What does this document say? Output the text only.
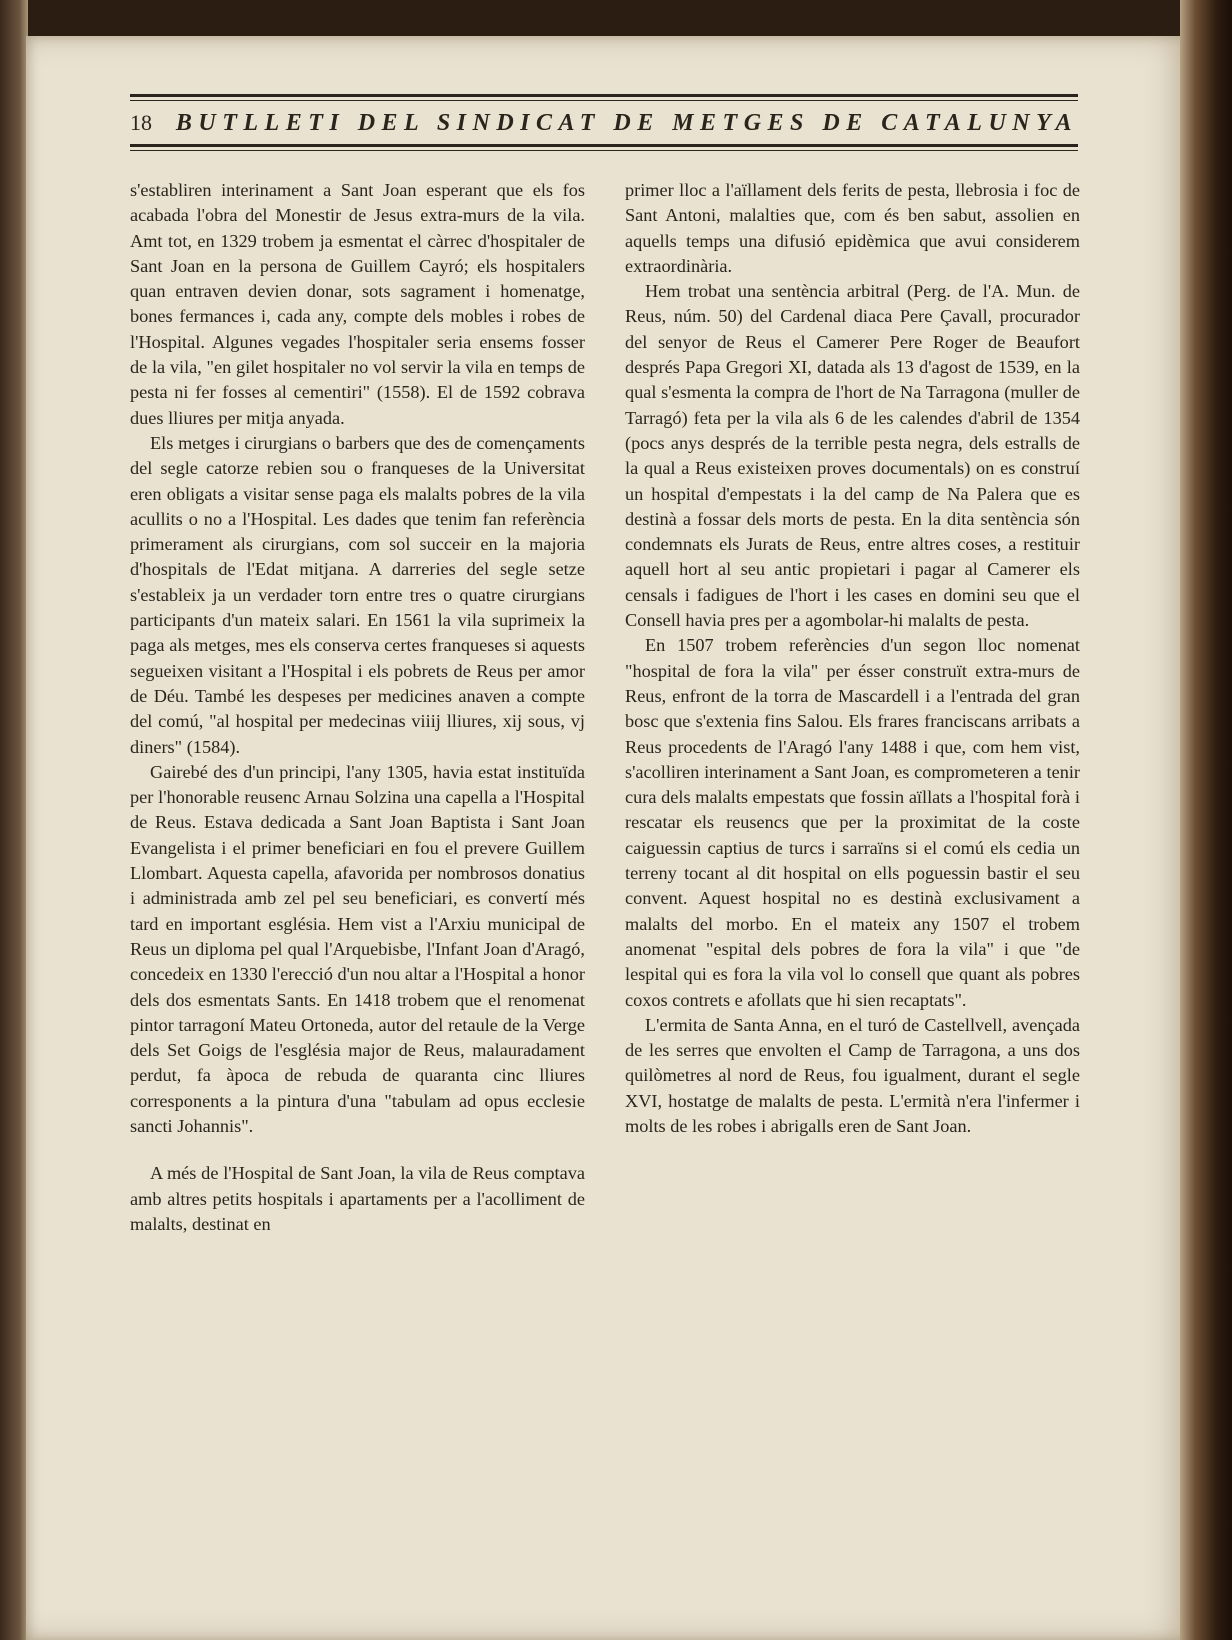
18 BUTLLETI DEL SINDICAT DE METGES DE CATALUNYA

s'establiren interinament a Sant Joan esperant que els fos acabada l'obra del Monestir de Jesus extra-murs de la vila. Amt tot, en 1329 trobem ja esmentat el càrrec d'hospitaler de Sant Joan en la persona de Guillem Cayró; els hospitalers quan entraven devien donar, sots sagrament i homenatge, bones fermances i, cada any, compte dels mobles i robes de l'Hospital. Algunes vegades l'hospitaler seria ensems fosser de la vila, "en gilet hospitaler no vol servir la vila en temps de pesta ni fer fosses al cementiri" (1558). El de 1592 cobrava dues lliures per mitja anyada.

Els metges i cirurgians o barbers que des de començaments del segle catorze rebien sou o franqueses de la Universitat eren obligats a visitar sense paga els malalts pobres de la vila acullits o no a l'Hospital. Les dades que tenim fan referència primerament als cirurgians, com sol succeir en la majoria d'hospitals de l'Edat mitjana. A darreries del segle setze s'estableix ja un verdader torn entre tres o quatre cirurgians participants d'un mateix salari. En 1561 la vila suprimeix la paga als metges, mes els conserva certes franqueses si aquests segueixen visitant a l'Hospital i els pobrets de Reus per amor de Déu. També les despeses per medicines anaven a compte del comú, "al hospital per medecinas viiij lliures, xij sous, vj diners" (1584).

Gairebé des d'un principi, l'any 1305, havia estat instituïda per l'honorable reusenc Arnau Solzina una capella a l'Hospital de Reus. Estava dedicada a Sant Joan Baptista i Sant Joan Evangelista i el primer beneficiari en fou el prevere Guillem Llombart. Aquesta capella, afavorida per nombrosos donatius i administrada amb zel pel seu beneficiari, es convertí més tard en important església. Hem vist a l'Arxiu municipal de Reus un diploma pel qual l'Arquebisbe, l'Infant Joan d'Aragó, concedeix en 1330 l'erecció d'un nou altar a l'Hospital a honor dels dos esmentats Sants. En 1418 trobem que el renomenat pintor tarragoní Mateu Ortoneda, autor del retaule de la Verge dels Set Goigs de l'església major de Reus, malauradament perdut, fa àpoca de rebuda de quaranta cinc lliures corresponents a la pintura d'una "tabulam ad opus ecclesie sancti Johannis".

A més de l'Hospital de Sant Joan, la vila de Reus comptava amb altres petits hospitals i apartaments per a l'acolliment de malalts, destinat en

primer lloc a l'aïllament dels ferits de pesta, llebrosia i foc de Sant Antoni, malalties que, com és ben sabut, assolien en aquells temps una difusió epidèmica que avui considerem extraordinària.

Hem trobat una sentència arbitral (Perg. de l'A. Mun. de Reus, núm. 50) del Cardenal diaca Pere Çavall, procurador del senyor de Reus el Camerer Pere Roger de Beaufort després Papa Gregori XI, datada als 13 d'agost de 1539, en la qual s'esmenta la compra de l'hort de Na Tarragona (muller de Tarragó) feta per la vila als 6 de les calendes d'abril de 1354 (pocs anys després de la terrible pesta negra, dels estralls de la qual a Reus existeixen proves documentals) on es construí un hospital d'empestats i la del camp de Na Palera que es destinà a fossar dels morts de pesta. En la dita sentència són condemnats els Jurats de Reus, entre altres coses, a restituir aquell hort al seu antic propietari i pagar al Camerer els censals i fadigues de l'hort i les cases en domini seu que el Consell havia pres per a agombolar-hi malalts de pesta.

En 1507 trobem referències d'un segon lloc nomenat "hospital de fora la vila" per ésser construït extra-murs de Reus, enfront de la torra de Mascardell i a l'entrada del gran bosc que s'extenia fins Salou. Els frares franciscans arribats a Reus procedents de l'Aragó l'any 1488 i que, com hem vist, s'acolliren interinament a Sant Joan, es comprometeren a tenir cura dels malalts empestats que fossin aïllats a l'hospital forà i rescatar els reusencs que per la proximitat de la coste caiguessin captius de turcs i sarraïns si el comú els cedia un terreny tocant al dit hospital on ells poguessin bastir el seu convent. Aquest hospital no es destinà exclusivament a malalts del morbo. En el mateix any 1507 el trobem anomenat "espital dels pobres de fora la vila" i que "de lespital qui es fora la vila vol lo consell que quant als pobres coxos contrets e afollats que hi sien recaptats".

L'ermita de Santa Anna, en el turó de Castellvell, avençada de les serres que envolten el Camp de Tarragona, a uns dos quilòmetres al nord de Reus, fou igualment, durant el segle XVI, hostatge de malalts de pesta. L'ermità n'era l'infermer i molts de les robes i abrigalls eren de Sant Joan.
